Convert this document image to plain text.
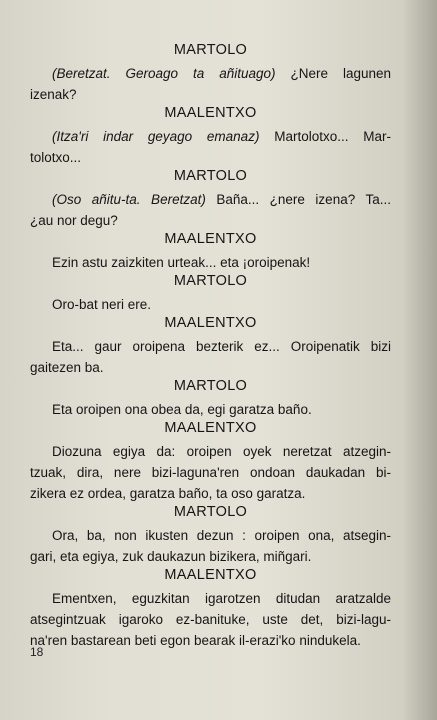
MARTOLO

(Beretzat. Geroago ta añituago) ¿Nere lagunen

izenak?

MAALENTXO

(Itza'ri indar geyago emanaz) Martolotxo... Mar-

tolotxo...

MARTOLO

(Oso añitu-ta. Beretzat) Baña... ¿nere izena? Ta...

¿au nor degu?

MAALENTXO

Ezin astu zaizkiten urteak... eta ¡oroipenak!

MARTOLO

Oro-bat neri ere.

MAALENTXO

Eta... gaur oroipena bezterik ez... Oroipenatik bizi

gaitezen ba.

MARTOLO

Eta oroipen ona obea da, egi garatza baño.

MAALENTXO

Diozuna egiya da: oroipen oyek neretzat atzegin-

tzuak, dira, nere bizi-laguna'ren ondoan daukadan bi-

zikera ez ordea, garatza baño, ta oso garatza.

MARTOLO

Ora, ba, non ikusten dezun : oroipen ona, atsegin-

gari, eta egiya, zuk daukazun bizikera, miñgari.

MAALENTXO

Ementxen, eguzkitan igarotzen ditudan aratzalde

atsegintzuak igaroko ez-banituke, uste det, bizi-lagu-

na'ren bastarean beti egon bearak il-erazi'ko nindukela.

18
